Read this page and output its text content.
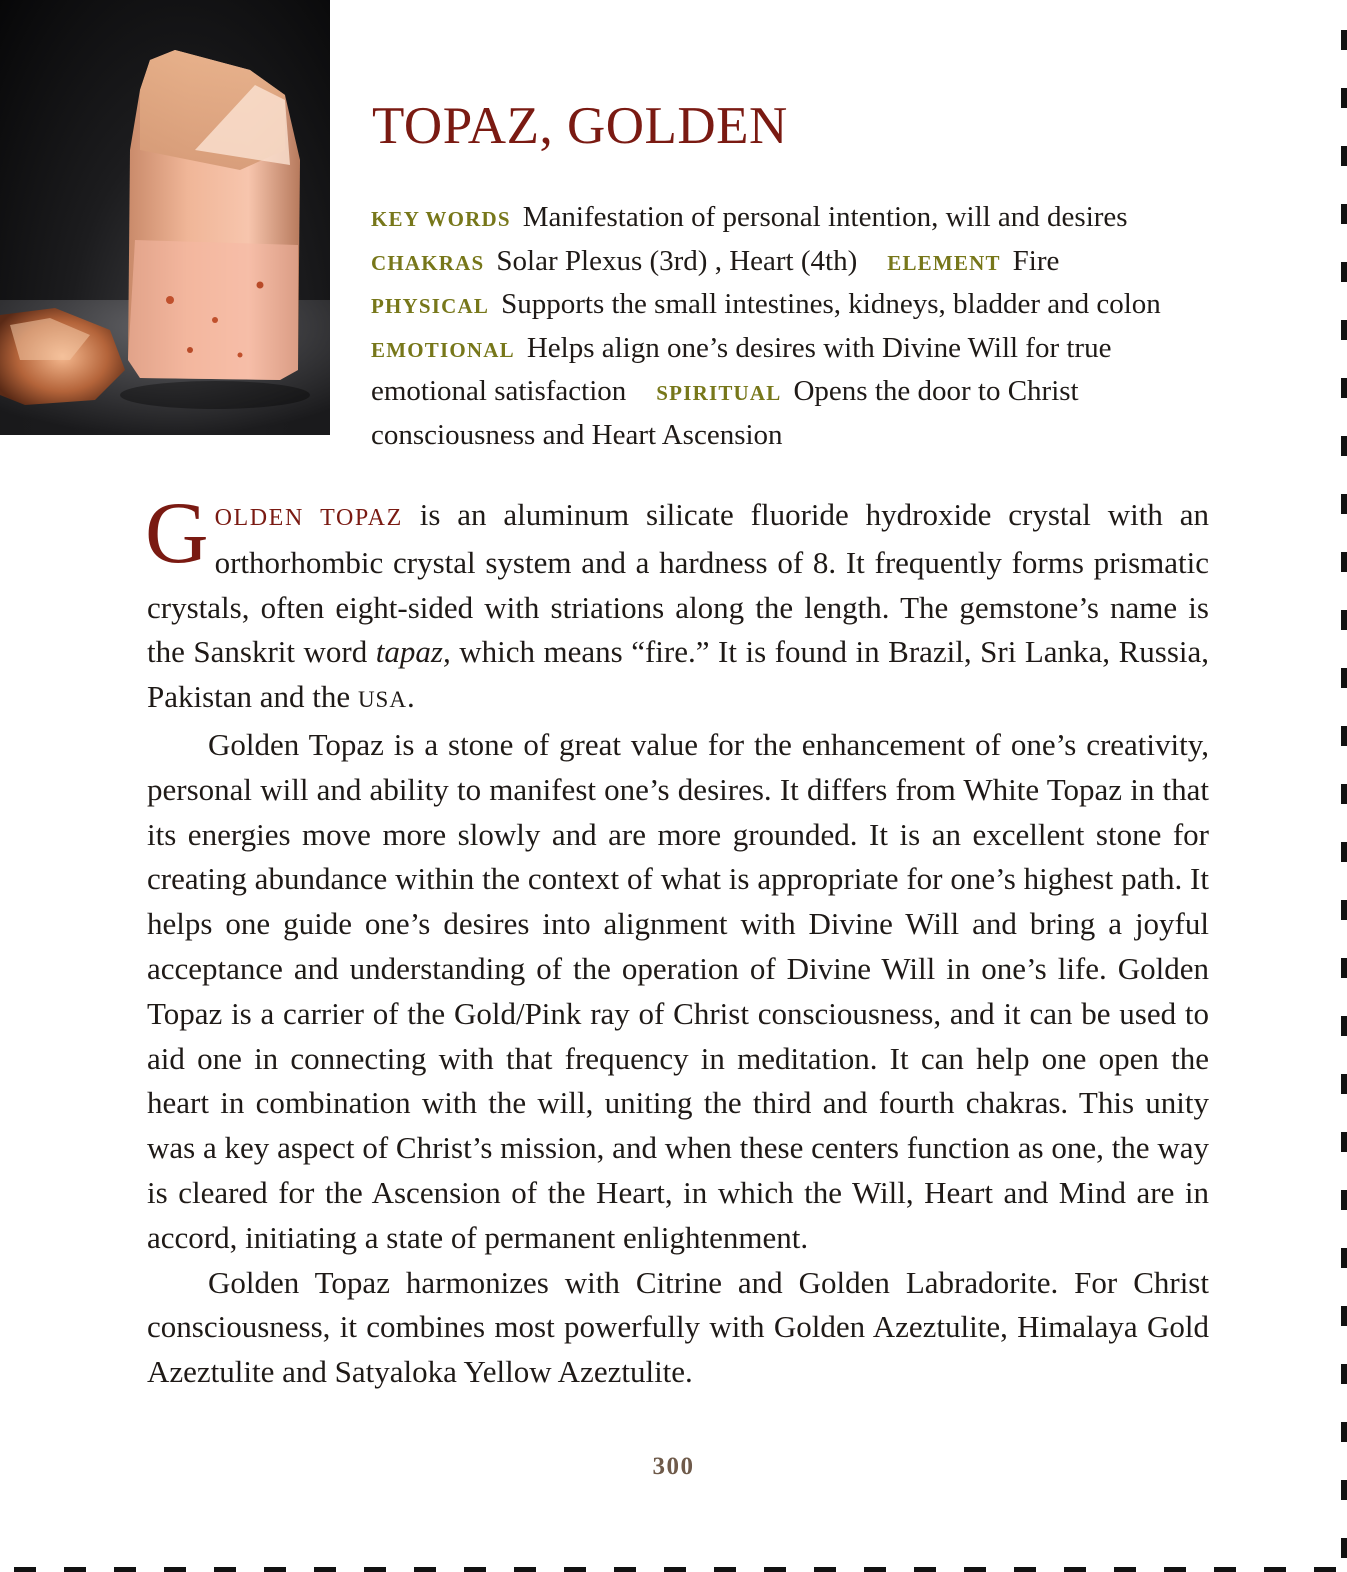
TOPAZ, GOLDEN

KEY WORDS Manifestation of personal intention, will and desires
CHAKRAS Solar Plexus (3rd) , Heart (4th) ELEMENT Fire
PHYSICAL Supports the small intestines, kidneys, bladder and colonEMOTIONAL Helps align one’s desires with Divine Will for true emotional satisfaction SPIRITUAL Opens the door to Christ consciousness and Heart Ascension

GOLDEN TOPAZ is an aluminum silicate fluoride hydroxide crystal with an orthorhombic crystal system and a hardness of 8. It frequently forms prismatic crystals, often eight-sided with striations along the length. The gemstone’s name is the Sanskrit word tapaz, which means “fire.” It is found in Brazil, Sri Lanka, Russia, Pakistan and the USA.

Golden Topaz is a stone of great value for the enhancement of one’s creativity, personal will and ability to manifest one’s desires. It differs from White Topaz in that its energies move more slowly and are more grounded. It is an excellent stone for creating abundance within the context of what is appropriate for one’s highest path. It helps one guide one’s desires into alignment with Divine Will and bring a joyful acceptance and understanding of the operation of Divine Will in one’s life. Golden Topaz is a carrier of the Gold/Pink ray of Christ consciousness, and it can be used to aid one in connecting with that frequency in meditation. It can help one open the heart in combination with the will, uniting the third and fourth chakras. This unity was a key aspect of Christ’s mission, and when these centers function as one, the way is cleared for the Ascension of the Heart, in which the Will, Heart and Mind are in accord, initiating a state of permanent enlightenment.

Golden Topaz harmonizes with Citrine and Golden Labradorite. For Christ consciousness, it combines most powerfully with Golden Azeztulite, Himalaya Gold Azeztulite and Satyaloka Yellow Azeztulite.

300
